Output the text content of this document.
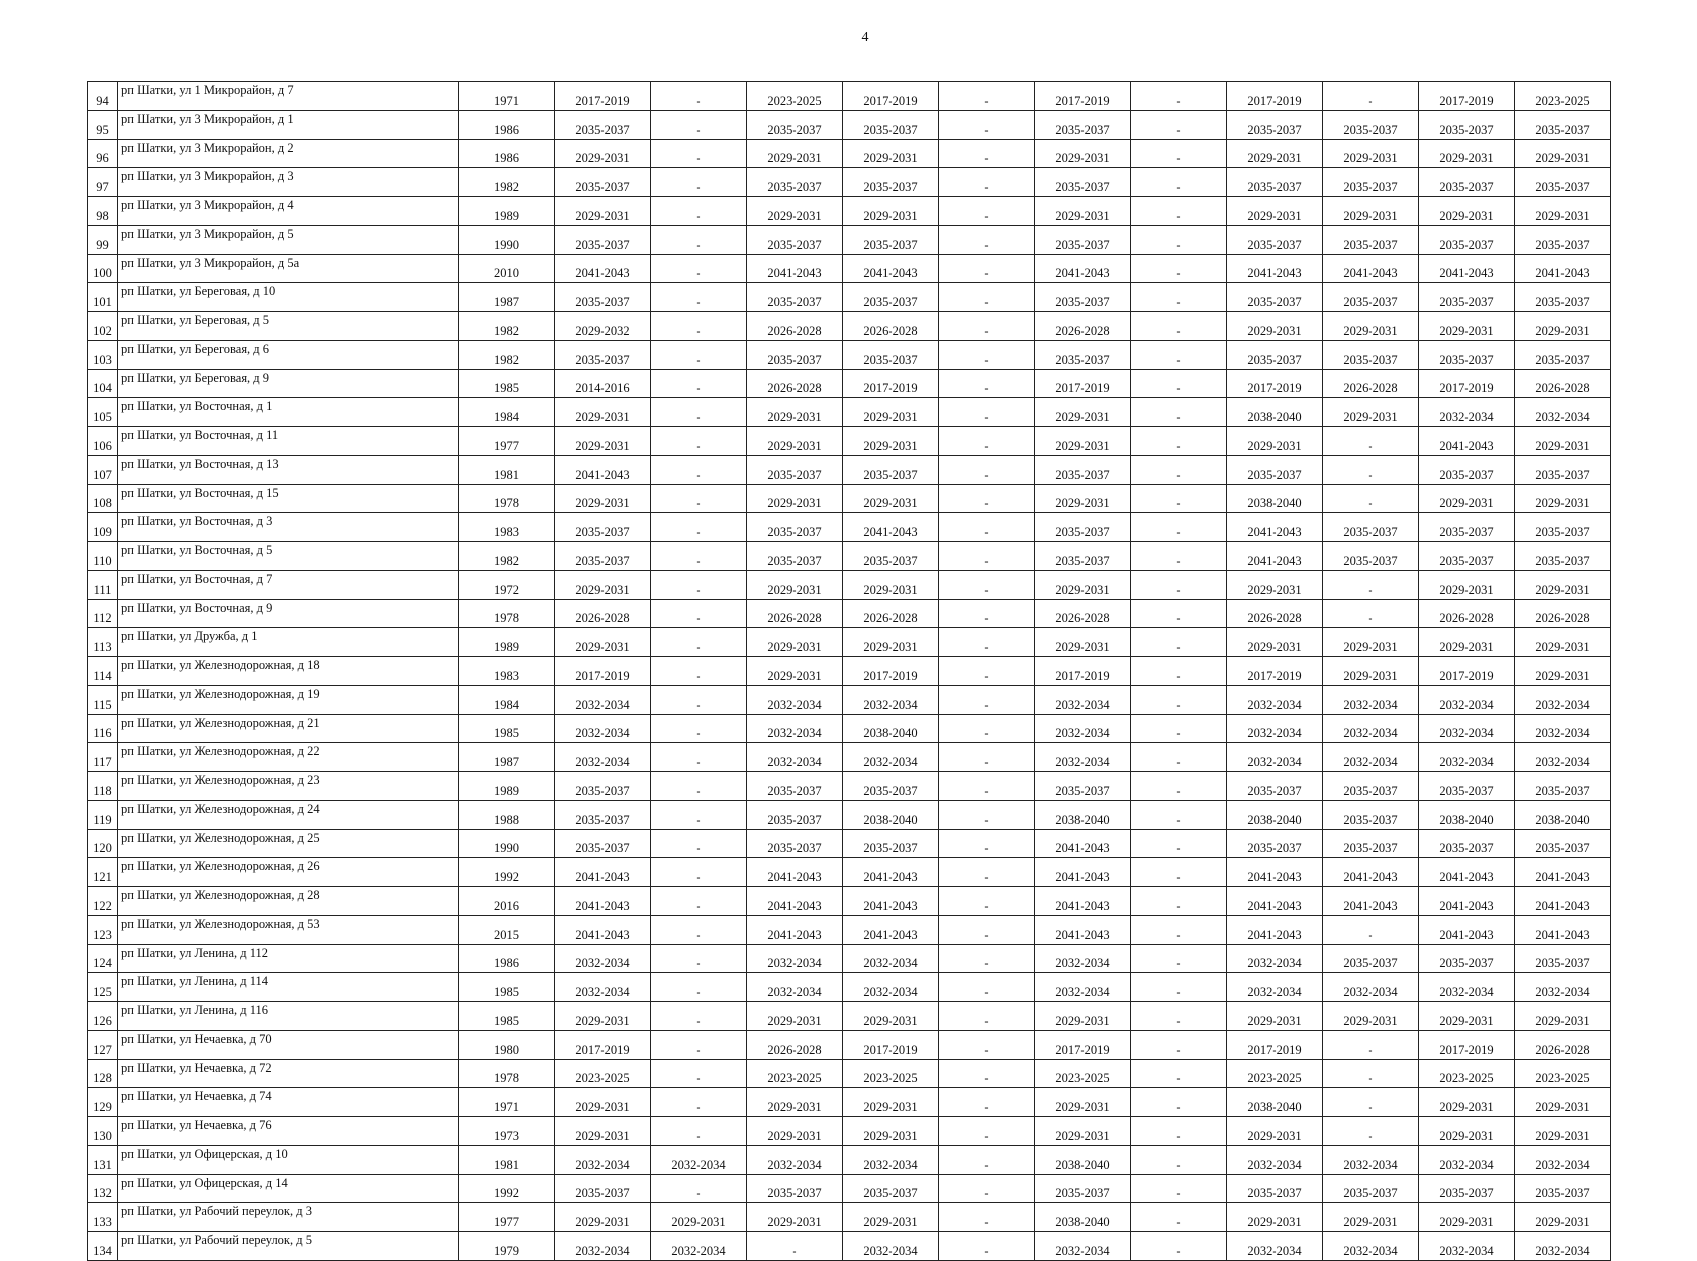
4
94	рп Шатки, ул 1 Микрорайон, д 7	1971	2017-2019	-	2023-2025	2017-2019	-	2017-2019	-	2017-2019	-	2017-2019	2023-2025
95	рп Шатки, ул 3 Микрорайон, д 1	1986	2035-2037	-	2035-2037	2035-2037	-	2035-2037	-	2035-2037	2035-2037	2035-2037	2035-2037
96	рп Шатки, ул 3 Микрорайон, д 2	1986	2029-2031	-	2029-2031	2029-2031	-	2029-2031	-	2029-2031	2029-2031	2029-2031	2029-2031
97	рп Шатки, ул 3 Микрорайон, д 3	1982	2035-2037	-	2035-2037	2035-2037	-	2035-2037	-	2035-2037	2035-2037	2035-2037	2035-2037
98	рп Шатки, ул 3 Микрорайон, д 4	1989	2029-2031	-	2029-2031	2029-2031	-	2029-2031	-	2029-2031	2029-2031	2029-2031	2029-2031
99	рп Шатки, ул 3 Микрорайон, д 5	1990	2035-2037	-	2035-2037	2035-2037	-	2035-2037	-	2035-2037	2035-2037	2035-2037	2035-2037
100	рп Шатки, ул 3 Микрорайон, д 5а	2010	2041-2043	-	2041-2043	2041-2043	-	2041-2043	-	2041-2043	2041-2043	2041-2043	2041-2043
101	рп Шатки, ул Береговая, д 10	1987	2035-2037	-	2035-2037	2035-2037	-	2035-2037	-	2035-2037	2035-2037	2035-2037	2035-2037
102	рп Шатки, ул Береговая, д 5	1982	2029-2032	-	2026-2028	2026-2028	-	2026-2028	-	2029-2031	2029-2031	2029-2031	2029-2031
103	рп Шатки, ул Береговая, д 6	1982	2035-2037	-	2035-2037	2035-2037	-	2035-2037	-	2035-2037	2035-2037	2035-2037	2035-2037
104	рп Шатки, ул Береговая, д 9	1985	2014-2016	-	2026-2028	2017-2019	-	2017-2019	-	2017-2019	2026-2028	2017-2019	2026-2028
105	рп Шатки, ул Восточная, д 1	1984	2029-2031	-	2029-2031	2029-2031	-	2029-2031	-	2038-2040	2029-2031	2032-2034	2032-2034
106	рп Шатки, ул Восточная, д 11	1977	2029-2031	-	2029-2031	2029-2031	-	2029-2031	-	2029-2031	-	2041-2043	2029-2031
107	рп Шатки, ул Восточная, д 13	1981	2041-2043	-	2035-2037	2035-2037	-	2035-2037	-	2035-2037	-	2035-2037	2035-2037
108	рп Шатки, ул Восточная, д 15	1978	2029-2031	-	2029-2031	2029-2031	-	2029-2031	-	2038-2040	-	2029-2031	2029-2031
109	рп Шатки, ул Восточная, д 3	1983	2035-2037	-	2035-2037	2041-2043	-	2035-2037	-	2041-2043	2035-2037	2035-2037	2035-2037
110	рп Шатки, ул Восточная, д 5	1982	2035-2037	-	2035-2037	2035-2037	-	2035-2037	-	2041-2043	2035-2037	2035-2037	2035-2037
111	рп Шатки, ул Восточная, д 7	1972	2029-2031	-	2029-2031	2029-2031	-	2029-2031	-	2029-2031	-	2029-2031	2029-2031
112	рп Шатки, ул Восточная, д 9	1978	2026-2028	-	2026-2028	2026-2028	-	2026-2028	-	2026-2028	-	2026-2028	2026-2028
113	рп Шатки, ул Дружба, д 1	1989	2029-2031	-	2029-2031	2029-2031	-	2029-2031	-	2029-2031	2029-2031	2029-2031	2029-2031
114	рп Шатки, ул Железнодорожная, д 18	1983	2017-2019	-	2029-2031	2017-2019	-	2017-2019	-	2017-2019	2029-2031	2017-2019	2029-2031
115	рп Шатки, ул Железнодорожная, д 19	1984	2032-2034	-	2032-2034	2032-2034	-	2032-2034	-	2032-2034	2032-2034	2032-2034	2032-2034
116	рп Шатки, ул Железнодорожная, д 21	1985	2032-2034	-	2032-2034	2038-2040	-	2032-2034	-	2032-2034	2032-2034	2032-2034	2032-2034
117	рп Шатки, ул Железнодорожная, д 22	1987	2032-2034	-	2032-2034	2032-2034	-	2032-2034	-	2032-2034	2032-2034	2032-2034	2032-2034
118	рп Шатки, ул Железнодорожная, д 23	1989	2035-2037	-	2035-2037	2035-2037	-	2035-2037	-	2035-2037	2035-2037	2035-2037	2035-2037
119	рп Шатки, ул Железнодорожная, д 24	1988	2035-2037	-	2035-2037	2038-2040	-	2038-2040	-	2038-2040	2035-2037	2038-2040	2038-2040
120	рп Шатки, ул Железнодорожная, д 25	1990	2035-2037	-	2035-2037	2035-2037	-	2041-2043	-	2035-2037	2035-2037	2035-2037	2035-2037
121	рп Шатки, ул Железнодорожная, д 26	1992	2041-2043	-	2041-2043	2041-2043	-	2041-2043	-	2041-2043	2041-2043	2041-2043	2041-2043
122	рп Шатки, ул Железнодорожная, д 28	2016	2041-2043	-	2041-2043	2041-2043	-	2041-2043	-	2041-2043	2041-2043	2041-2043	2041-2043
123	рп Шатки, ул Железнодорожная, д 53	2015	2041-2043	-	2041-2043	2041-2043	-	2041-2043	-	2041-2043	-	2041-2043	2041-2043
124	рп Шатки, ул Ленина, д 112	1986	2032-2034	-	2032-2034	2032-2034	-	2032-2034	-	2032-2034	2035-2037	2035-2037	2035-2037
125	рп Шатки, ул Ленина, д 114	1985	2032-2034	-	2032-2034	2032-2034	-	2032-2034	-	2032-2034	2032-2034	2032-2034	2032-2034
126	рп Шатки, ул Ленина, д 116	1985	2029-2031	-	2029-2031	2029-2031	-	2029-2031	-	2029-2031	2029-2031	2029-2031	2029-2031
127	рп Шатки, ул Нечаевка, д 70	1980	2017-2019	-	2026-2028	2017-2019	-	2017-2019	-	2017-2019	-	2017-2019	2026-2028
128	рп Шатки, ул Нечаевка, д 72	1978	2023-2025	-	2023-2025	2023-2025	-	2023-2025	-	2023-2025	-	2023-2025	2023-2025
129	рп Шатки, ул Нечаевка, д 74	1971	2029-2031	-	2029-2031	2029-2031	-	2029-2031	-	2038-2040	-	2029-2031	2029-2031
130	рп Шатки, ул Нечаевка, д 76	1973	2029-2031	-	2029-2031	2029-2031	-	2029-2031	-	2029-2031	-	2029-2031	2029-2031
131	рп Шатки, ул Офицерская, д 10	1981	2032-2034	2032-2034	2032-2034	2032-2034	-	2038-2040	-	2032-2034	2032-2034	2032-2034	2032-2034
132	рп Шатки, ул Офицерская, д 14	1992	2035-2037	-	2035-2037	2035-2037	-	2035-2037	-	2035-2037	2035-2037	2035-2037	2035-2037
133	рп Шатки, ул Рабочий переулок, д 3	1977	2029-2031	2029-2031	2029-2031	2029-2031	-	2038-2040	-	2029-2031	2029-2031	2029-2031	2029-2031
134	рп Шатки, ул Рабочий переулок, д 5	1979	2032-2034	2032-2034	-	2032-2034	-	2032-2034	-	2032-2034	2032-2034	2032-2034	2032-2034
